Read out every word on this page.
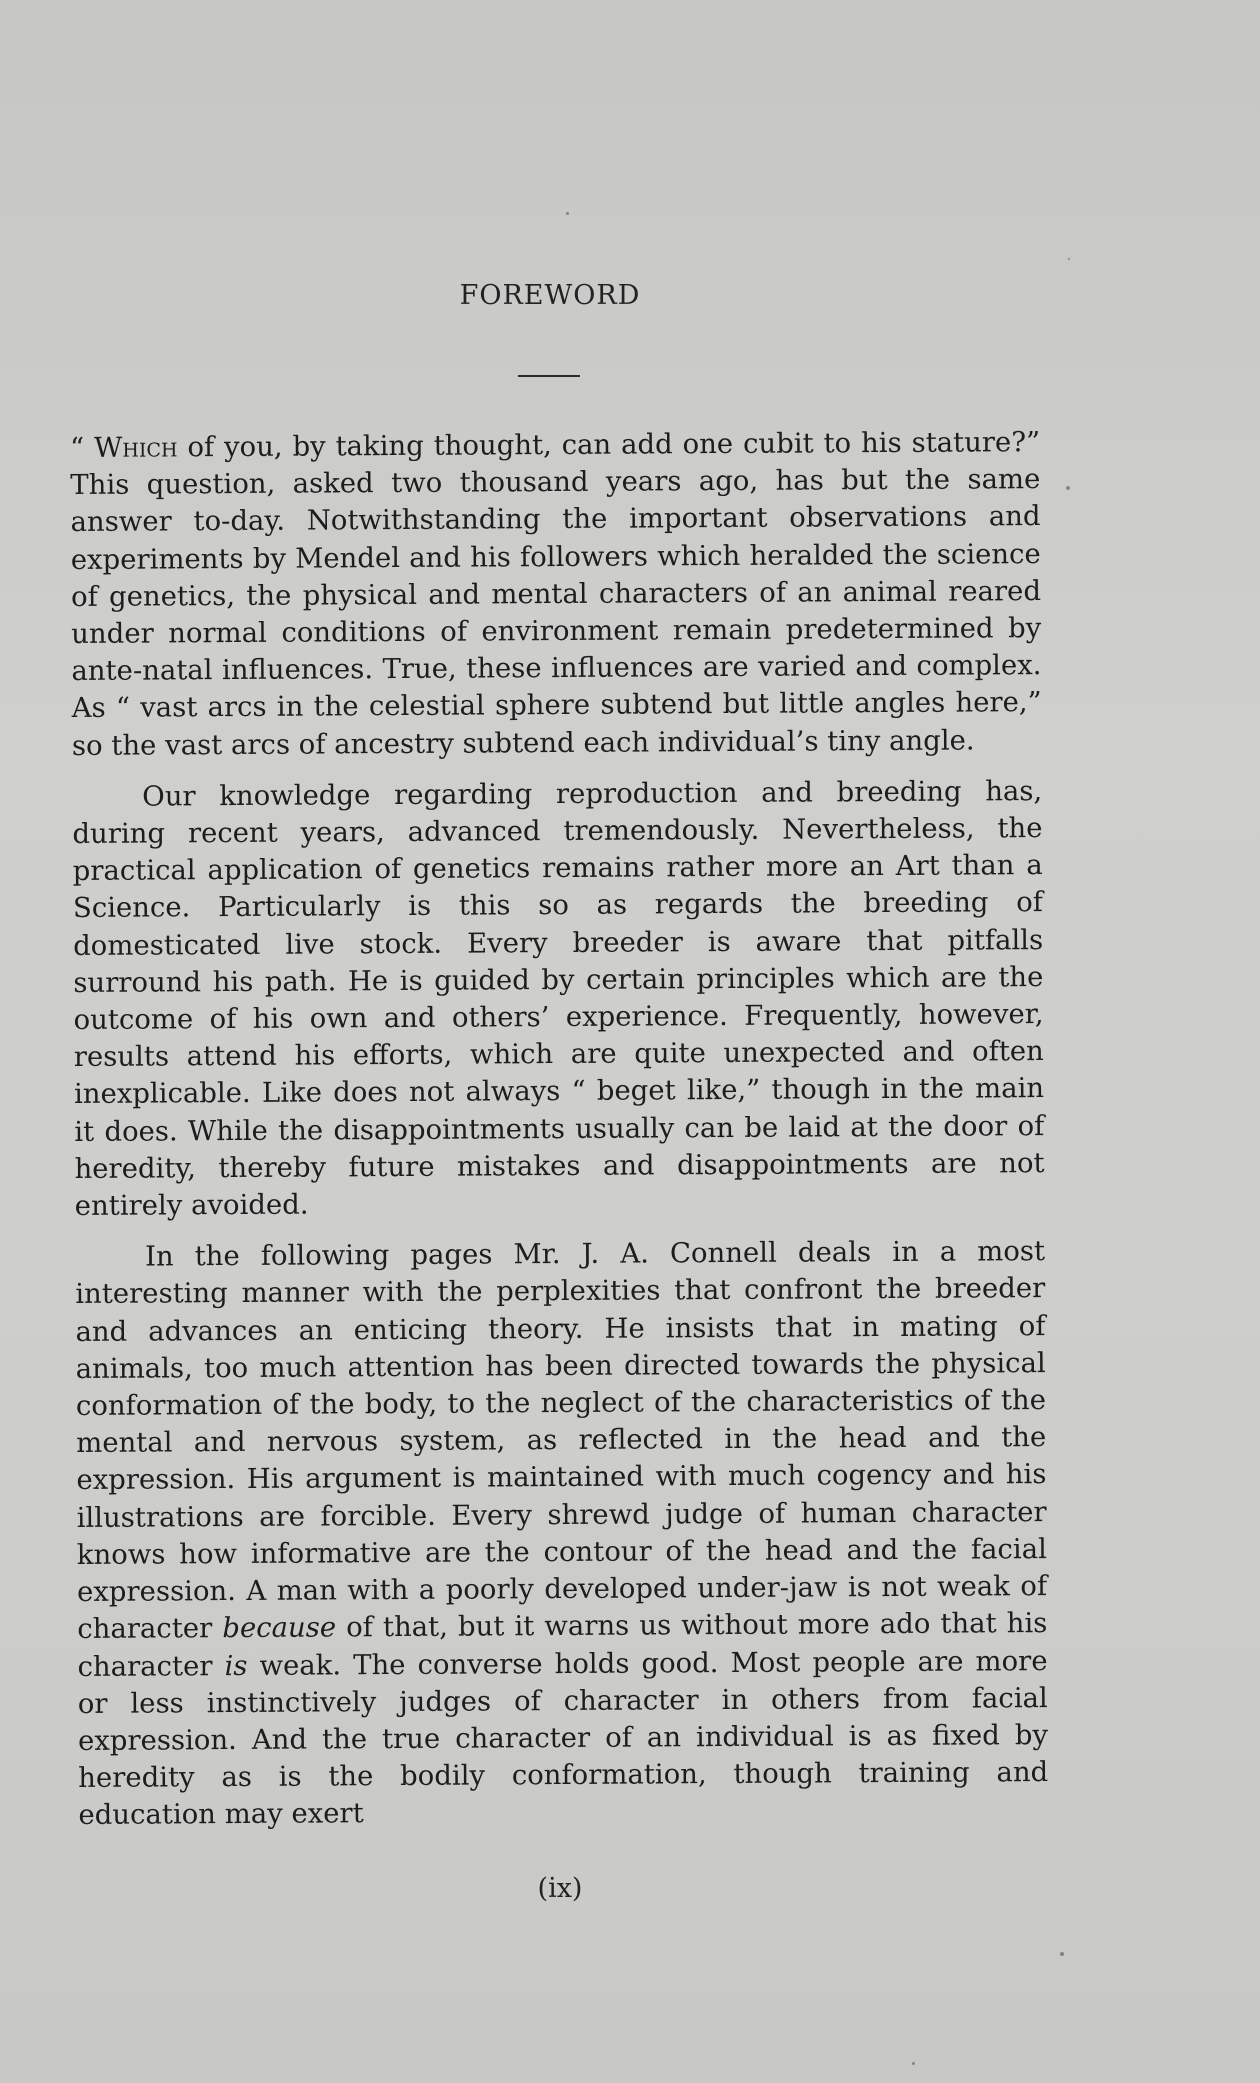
FOREWORD

“ Which of you, by taking thought, can add one cubit to his stature?” This question, asked two thousand years ago, has but the same answer to-day. Notwithstanding the important observations and experiments by Mendel and his followers which heralded the science of genetics, the physical and mental characters of an animal reared under normal conditions of environment remain predetermined by ante-natal influences. True, these influences are varied and complex. As “ vast arcs in the celestial sphere subtend but little angles here,” so the vast arcs of ancestry subtend each individual’s tiny angle.

Our knowledge regarding reproduction and breeding has, during recent years, advanced tremendously. Nevertheless, the practical application of genetics remains rather more an Art than a Science. Particularly is this so as regards the breeding of domesticated live stock. Every breeder is aware that pitfalls surround his path. He is guided by certain principles which are the outcome of his own and others’ experience. Frequently, however, results attend his efforts, which are quite unexpected and often inexplicable. Like does not always “ beget like,” though in the main it does. While the disappointments usually can be laid at the door of heredity, thereby future mistakes and disappointments are not entirely avoided.

In the following pages Mr. J. A. Connell deals in a most interesting manner with the perplexities that confront the breeder and advances an enticing theory. He insists that in mating of animals, too much attention has been directed towards the physical conformation of the body, to the neglect of the characteristics of the mental and nervous system, as reflected in the head and the expression. His argument is maintained with much cogency and his illustrations are forcible. Every shrewd judge of human character knows how informative are the contour of the head and the facial expression. A man with a poorly developed under-jaw is not weak of character because of that, but it warns us without more ado that his character is weak. The converse holds good. Most people are more or less instinctively judges of character in others from facial expression. And the true character of an individual is as fixed by heredity as is the bodily conformation, though training and education may exert

(ix)
